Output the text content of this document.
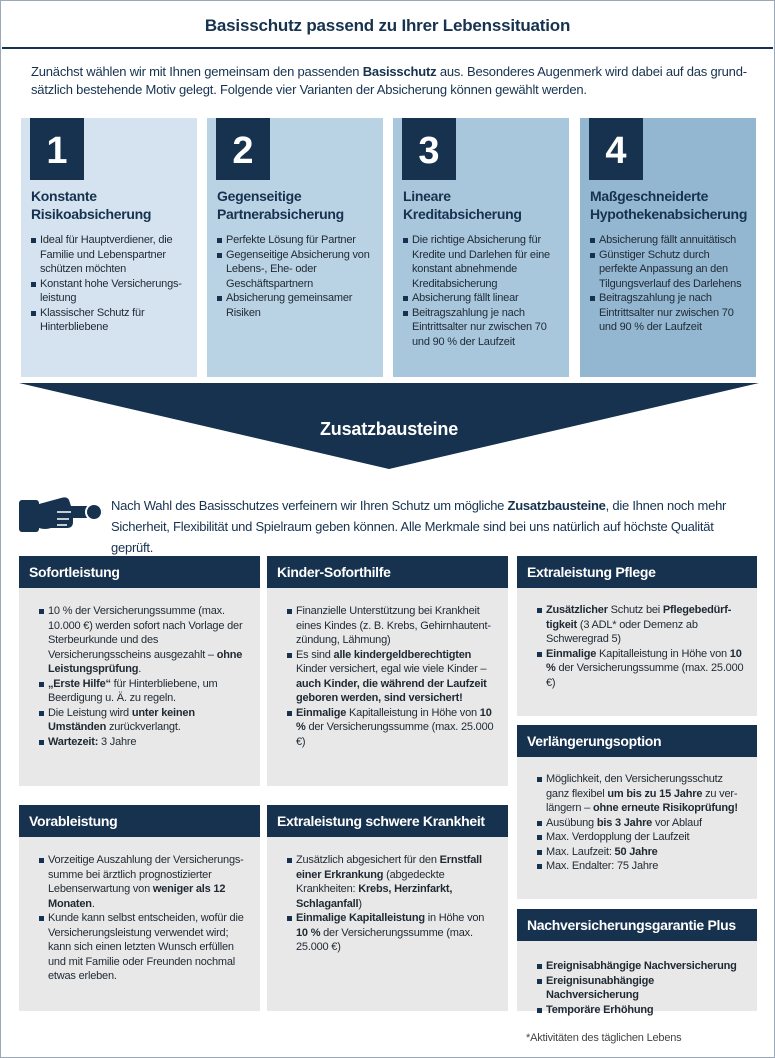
Basisschutz passend zu Ihrer Lebenssituation

Zunächst wählen wir mit Ihnen gemeinsam den passenden Basisschutz aus. Besonderes Augenmerk wird dabei auf das grund-sätzlich bestehende Motiv gelegt. Folgende vier Varianten der Absicherung können gewählt werden.

1
Konstante
Risikoabsicherung
Ideal für Hauptverdiener, die Familie und Lebenspartner schützen möchten
Konstant hohe Versicherungs-leistung
Klassischer Schutz für Hinterbliebene
2
Gegenseitige
Partnerabsicherung
Perfekte Lösung für Partner
Gegenseitige Absicherung von Lebens-, Ehe- oder Geschäftspartnern
Absicherung gemeinsamer Risiken
3
Lineare
Kreditabsicherung
Die richtige Absicherung für Kredite und Darlehen für eine konstant abnehmende Kreditabsicherung
Absicherung fällt linear
Beitragszahlung je nach Eintrittsalter nur zwischen 70 und 90 % der Laufzeit
4
Maßgeschneiderte
Hypothekenabsicherung
Absicherung fällt annuitätisch
Günstiger Schutz durch perfekte Anpassung an den Tilgungsverlauf des Darlehens
Beitragszahlung je nach Eintrittsalter nur zwischen 70 und 90 % der Laufzeit
Zusatzbausteine

Nach Wahl des Basisschutzes verfeinern wir Ihren Schutz um mögliche Zusatzbausteine, die Ihnen noch mehr Sicherheit, Flexibilität und Spielraum geben können. Alle Merkmale sind bei uns natürlich auf höchste Qualität geprüft.

Sofortleistung
10 % der Versicherungssumme (max. 10.000 €) werden sofort nach Vorlage der Sterbeurkunde und des Versicherungsscheins ausgezahlt – ohne Leistungsprüfung.
„Erste Hilfe“ für Hinterbliebene, um Beerdigung u. Ä. zu regeln.
Die Leistung wird unter keinen Umständen zurückverlangt.
Wartezeit: 3 Jahre
Kinder-Soforthilfe
Finanzielle Unterstützung bei Krankheit eines Kindes (z. B. Krebs, Gehirnhautent-zündung, Lähmung)
Es sind alle kindergeldberechtigten Kinder versichert, egal wie viele Kinder – auch Kinder, die während der Laufzeit geboren werden, sind versichert!
Einmalige Kapitalleistung in Höhe von 10 % der Versicherungssumme (max. 25.000 €)
Extraleistung Pflege
Zusätzlicher Schutz bei Pflegebedürf-tigkeit (3 ADL* oder Demenz ab Schweregrad 5)
Einmalige Kapitalleistung in Höhe von 10 % der Versicherungssumme (max. 25.000 €)
Verlängerungsoption
Möglichkeit, den Versicherungsschutz ganz flexibel um bis zu 15 Jahre zu ver-längern – ohne erneute Risikoprüfung!
Ausübung bis 3 Jahre vor Ablauf
Max. Verdopplung der Laufzeit
Max. Laufzeit: 50 Jahre
Max. Endalter: 75 Jahre
Vorableistung
Vorzeitige Auszahlung der Versicherungs-summe bei ärztlich prognostizierter Lebenserwartung von weniger als 12 Monaten.
Kunde kann selbst entscheiden, wofür die Versicherungsleistung verwendet wird; kann sich einen letzten Wunsch erfüllen und mit Familie oder Freunden nochmal etwas erleben.
Extraleistung schwere Krankheit
Zusätzlich abgesichert für den Ernstfall einer Erkrankung (abgedeckte Krankheiten: Krebs, Herzinfarkt, Schlaganfall)
Einmalige Kapitalleistung in Höhe von 10 % der Versicherungssumme (max. 25.000 €)
Nachversicherungsgarantie Plus
Ereignisabhängige Nachversicherung
Ereignisunabhängige Nachversicherung
Temporäre Erhöhung
*Aktivitäten des täglichen Lebens
